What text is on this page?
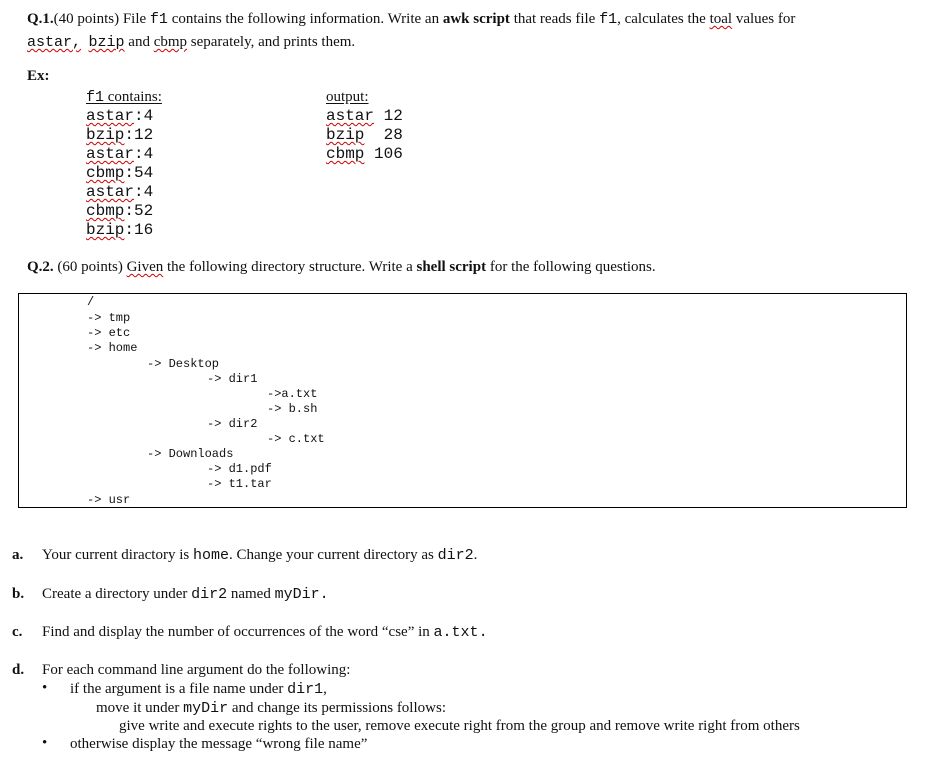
Q.1.(40 points) File f1 contains the following information. Write an awk script that reads file f1, calculates the toal values for
astar, bzip and cbmp separately, and prints them.
Ex:
f1 contains:
astar:4
bzip:12
astar:4
cbmp:54
astar:4
cbmp:52
bzip:16
output:
astar 12
bzip  28
cbmp 106
Q.2. (60 points) Given the following directory structure. Write a shell script for the following questions.
/
-> tmp
-> etc
-> home
-> Desktop
-> dir1
->a.txt
-> b.sh
-> dir2
-> c.txt
-> Downloads
-> d1.pdf
-> t1.tar
-> usr
a. Your current diractory is home. Change your current directory as dir2.
b. Create a directory under dir2 named myDir.
c. Find and display the number of occurrences of the word “cse” in a.txt.
d. For each command line argument do the following:
• if the argument is a file name under dir1,
move it under myDir and change its permissions follows:
give write and execute rights to the user, remove execute right from the group and remove write right from others
• otherwise display the message “wrong file name”
